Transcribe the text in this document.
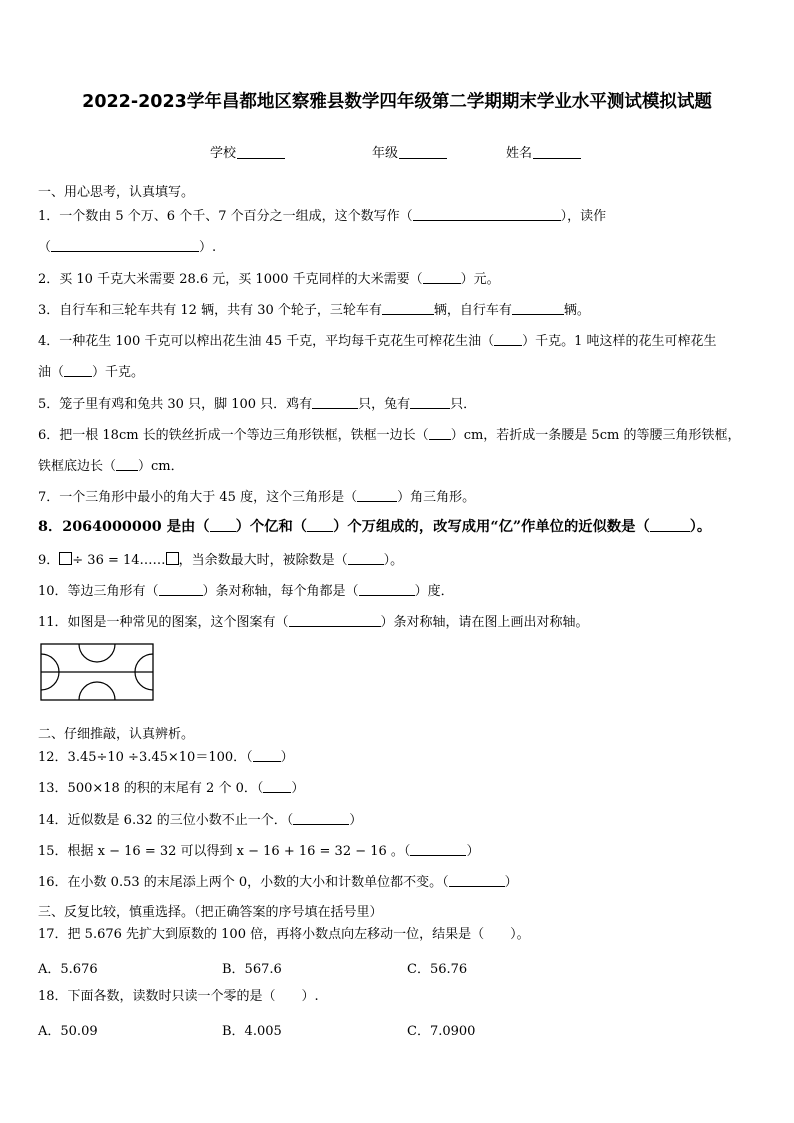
2022-2023学年昌都地区察雅县数学四年级第二学期期末学业水平测试模拟试题
学校	年级	姓名
一、用心思考，认真填写。
1．一个数由 5 个万、6 个千、7 个百分之一组成，这个数写作（	），读作
（	）.
2．买 10 千克大米需要 28.6 元，买 1000 千克同样的大米需要（	）元。
3．自行车和三轮车共有 12 辆，共有 30 个轮子，三轮车有	辆，自行车有	辆。
4．一种花生 100 千克可以榨出花生油 45 千克，平均每千克花生可榨花生油（ ）千克。1 吨这样的花生可榨花生
油（ ）千克。
5．笼子里有鸡和兔共 30 只，脚 100 只．鸡有	只，兔有	只．
6．把一根 18cm 长的铁丝折成一个等边三角形铁框，铁框一边长（ ）cm，若折成一条腰是 5cm 的等腰三角形铁框，
铁框底边长（ ）cm．
7．一个三角形中最小的角大于 45 度，这个三角形是（	）角三角形。
8．2064000000 是由（ ）个亿和（ ）个万组成的，改写成用“亿”作单位的近似数是（	）。
9． ÷ 36 = 14…… ，当余数最大时，被除数是（	）。
10．等边三角形有（	）条对称轴，每个角都是（	）度．
11．如图是一种常见的图案，这个图案有（	）条对称轴，请在图上画出对称轴。
二、仔细推敲，认真辨析。
12．3.45÷10 ÷3.45×10＝100．（ ）
13．500×18 的积的末尾有 2 个 0．（ ）
14．近似数是 6.32 的三位小数不止一个．（	）
15．根据 x − 16 = 32 可以得到 x − 16 + 16 = 32 − 16 。（	）
16．在小数 0.53 的末尾添上两个 0，小数的大小和计数单位都不变。（	）
三、反复比较，慎重选择。（把正确答案的序号填在括号里）
17．把 5.676 先扩大到原数的 100 倍，再将小数点向左移动一位，结果是（　　）。
A．5.676	B．567.6	C．56.76
18．下面各数，读数时只读一个零的是（　　）.
A．50.09	B．4.005	C．7.0900
